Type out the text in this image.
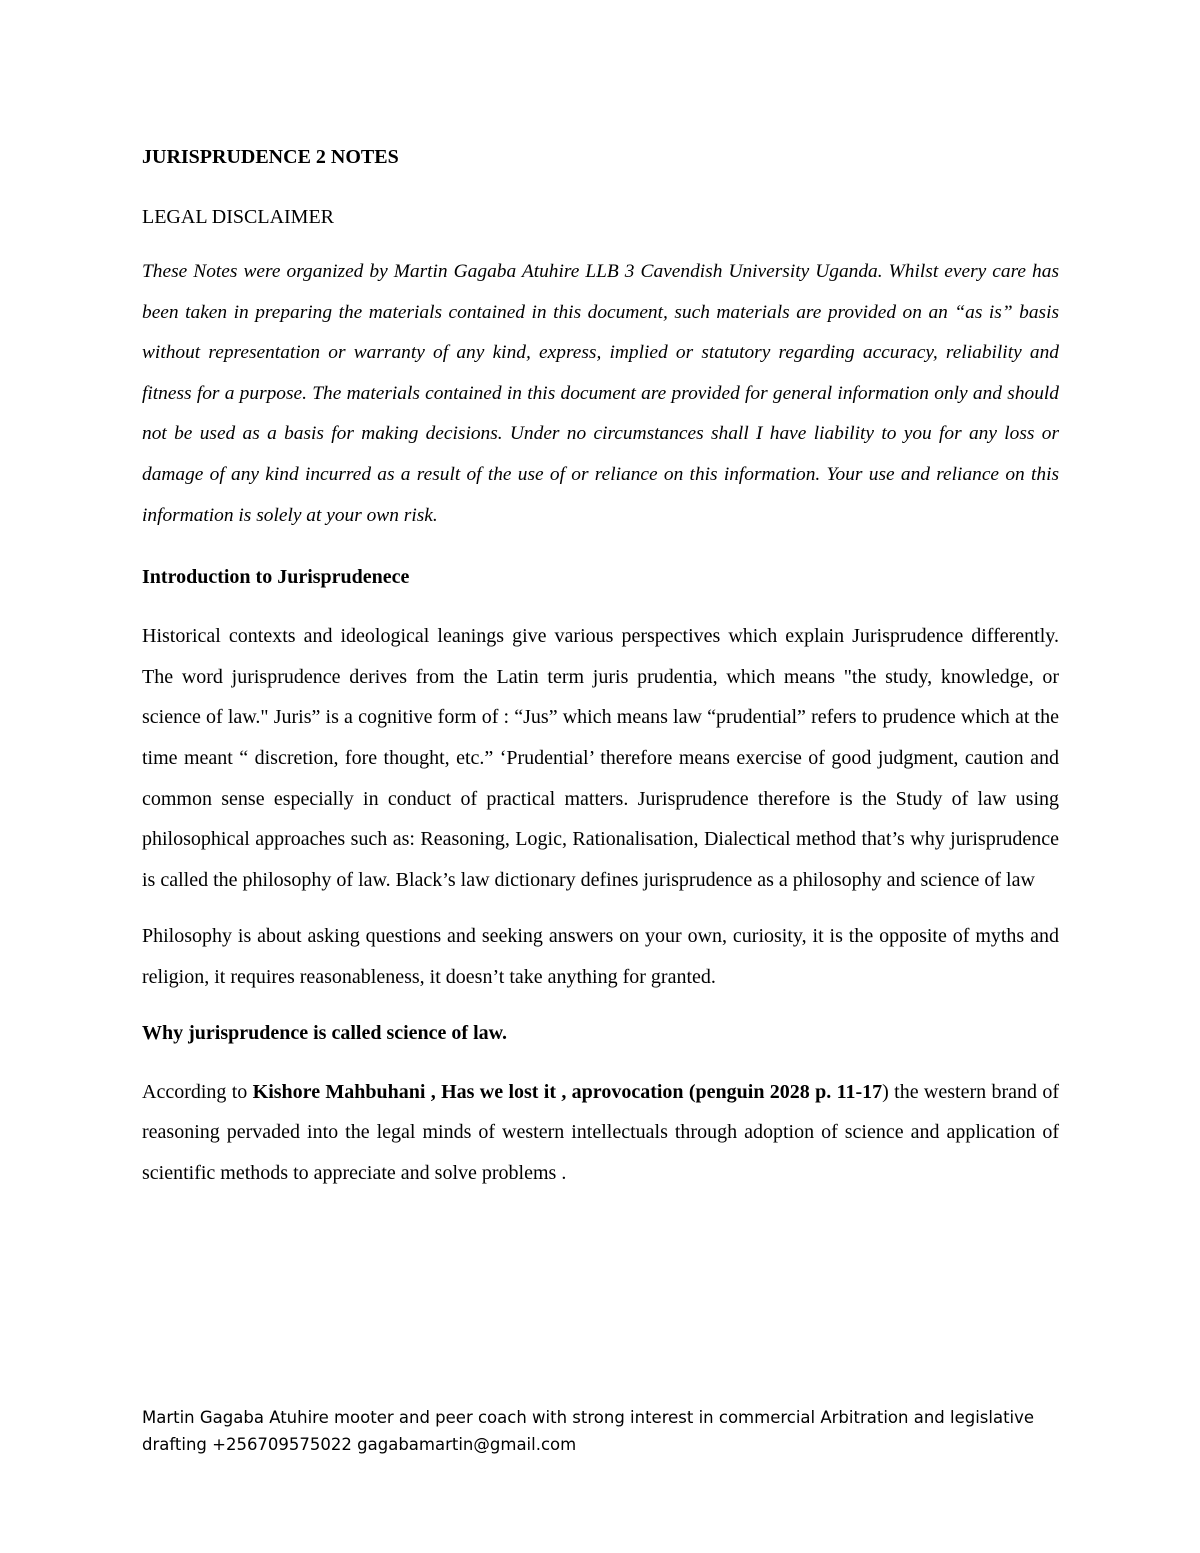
JURISPRUDENCE 2 NOTES
LEGAL DISCLAIMER
These Notes were organized by Martin Gagaba Atuhire LLB 3 Cavendish University Uganda. Whilst every care has been taken in preparing the materials contained in this document, such materials are provided on an “as is” basis without representation or warranty of any kind, express, implied or statutory regarding accuracy, reliability and fitness for a purpose. The materials contained in this document are provided for general information only and should not be used as a basis for making decisions. Under no circumstances shall I have liability to you for any loss or damage of any kind incurred as a result of the use of or reliance on this information. Your use and reliance on this information is solely at your own risk.
Introduction to Jurisprudenece
Historical contexts and ideological leanings give various perspectives which explain Jurisprudence differently. The word jurisprudence derives from the Latin term juris prudentia, which means "the study, knowledge, or science of law." Juris” is a cognitive form of : “Jus” which means law “prudential” refers to prudence which at the time meant “ discretion, fore thought, etc.” ‘Prudential’ therefore means exercise of good judgment, caution and common sense especially in conduct of practical matters. Jurisprudence therefore is the Study of law using philosophical approaches such as: Reasoning, Logic, Rationalisation, Dialectical method that’s why jurisprudence is called the philosophy of law. Black’s law dictionary defines jurisprudence as a philosophy and science of law
Philosophy is about asking questions and seeking answers on your own, curiosity, it is the opposite of myths and religion, it requires reasonableness, it doesn’t take anything for granted.
Why jurisprudence is called science of law.
According to Kishore Mahbuhani , Has we lost it , aprovocation (penguin 2028 p. 11-17) the western brand of reasoning pervaded into the legal minds of western intellectuals through adoption of science and application of scientific methods to appreciate and solve problems .
Martin Gagaba Atuhire mooter and peer coach with strong interest in commercial Arbitration and legislative drafting +256709575022 gagabamartin@gmail.com
